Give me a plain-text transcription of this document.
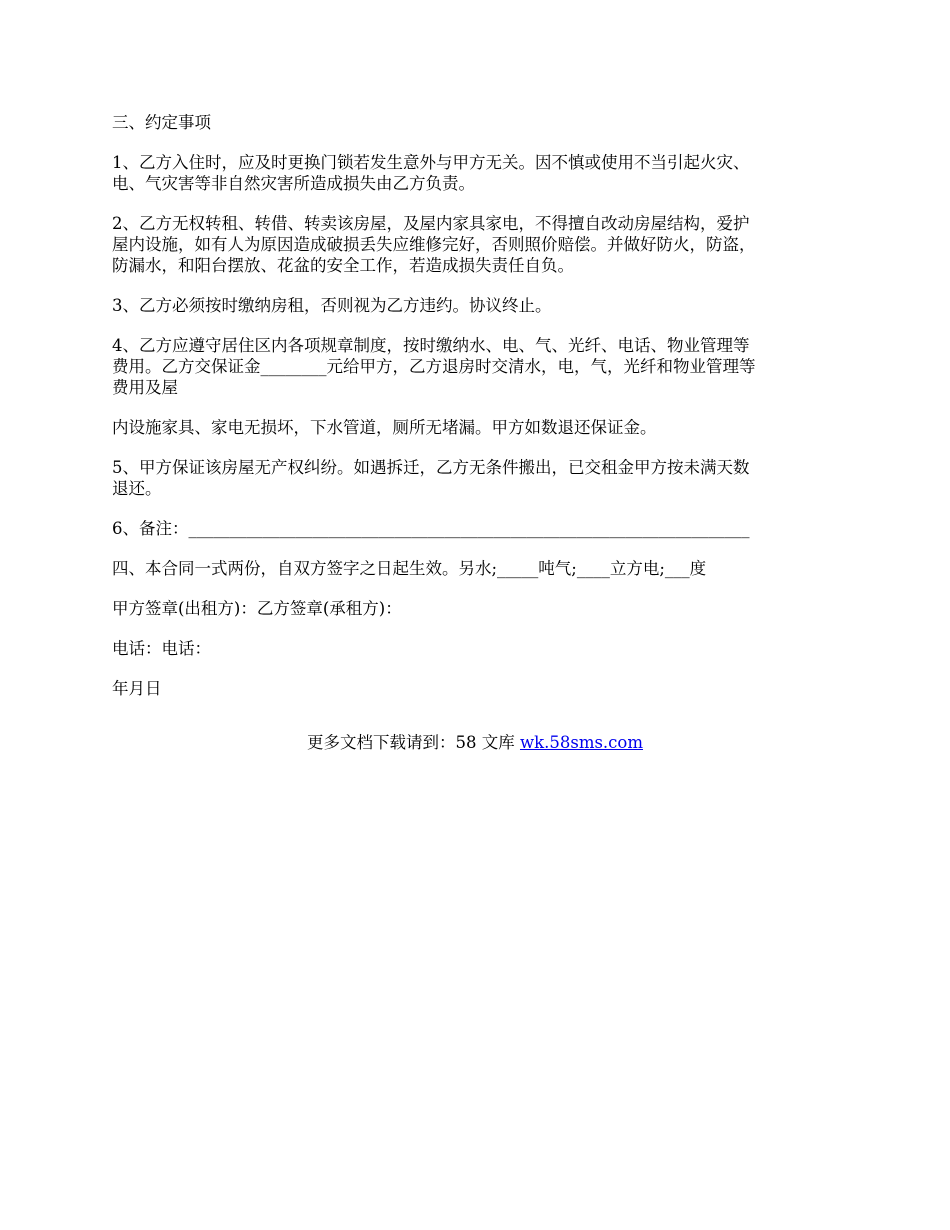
三、约定事项

1、乙方入住时，应及时更换门锁若发生意外与甲方无关。因不慎或使用不当引起火灾、
电、气灾害等非自然灾害所造成损失由乙方负责。

2、乙方无权转租、转借、转卖该房屋，及屋内家具家电，不得擅自改动房屋结构，爱护
屋内设施，如有人为原因造成破损丢失应维修完好，否则照价赔偿。并做好防火，防盗，
防漏水，和阳台摆放、花盆的安全工作，若造成损失责任自负。

3、乙方必须按时缴纳房租，否则视为乙方违约。协议终止。

4、乙方应遵守居住区内各项规章制度，按时缴纳水、电、气、光纤、电话、物业管理等
费用。乙方交保证金________元给甲方，乙方退房时交清水，电，气，光纤和物业管理等
费用及屋

内设施家具、家电无损坏，下水管道，厕所无堵漏。甲方如数退还保证金。

5、甲方保证该房屋无产权纠纷。如遇拆迁，乙方无条件搬出，已交租金甲方按未满天数
退还。

6、备注：____________________________________________________________________

四、本合同一式两份，自双方签字之日起生效。另水;_____吨气;____立方电;___度

甲方签章(出租方)：乙方签章(承租方)：

电话：电话：

年月日

更多文档下载请到：58 文库 wk.58sms.com
